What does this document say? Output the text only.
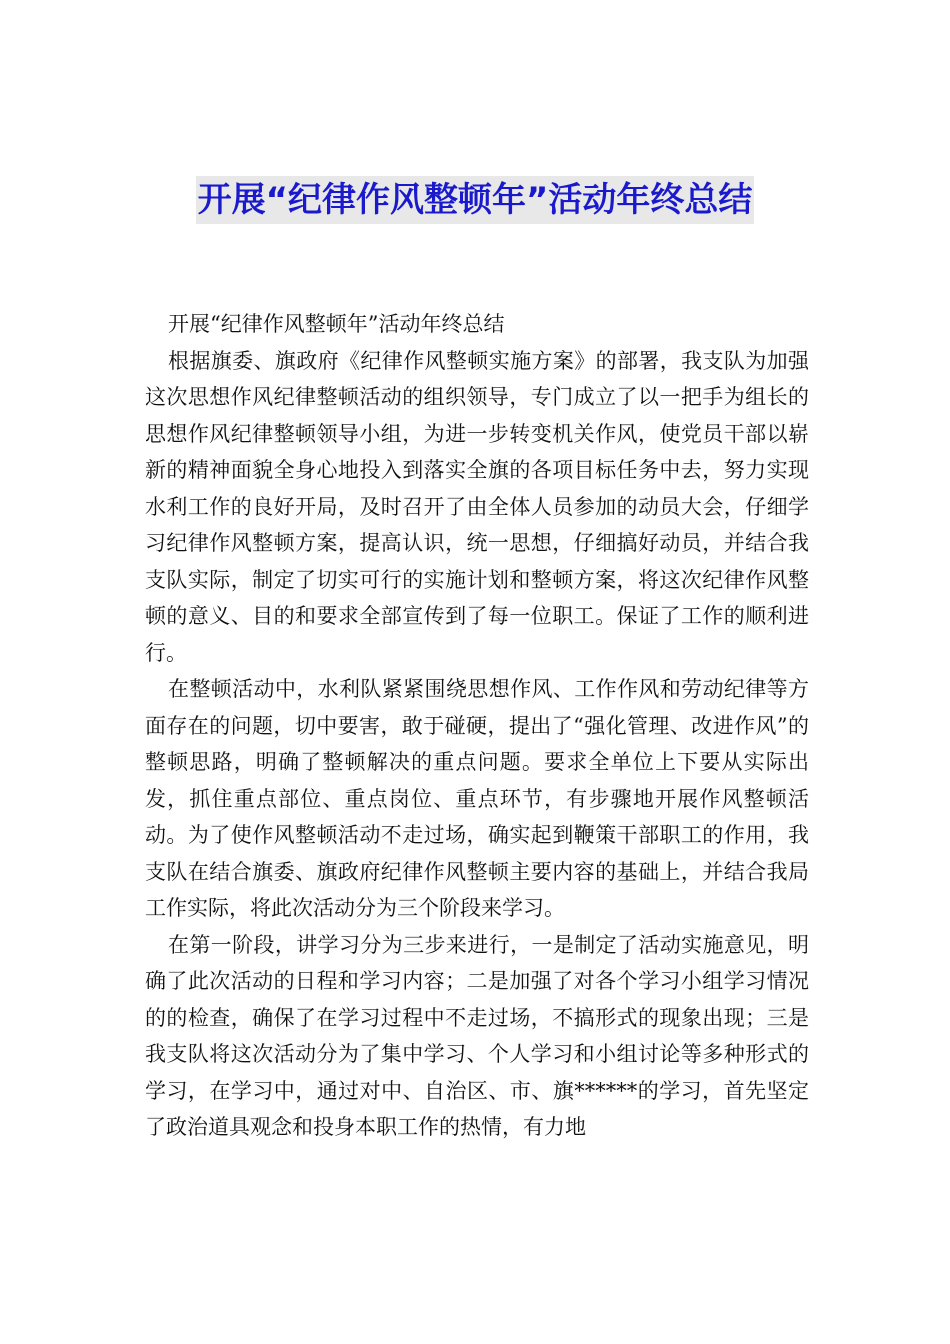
开展“纪律作风整顿年”活动年终总结

开展“纪律作风整顿年”活动年终总结

根据旗委、旗政府《纪律作风整顿实施方案》的部署，我支队为加强这次思想作风纪律整顿活动的组织领导，专门成立了以一把手为组长的思想作风纪律整顿领导小组，为进一步转变机关作风，使党员干部以崭新的精神面貌全身心地投入到落实全旗的各项目标任务中去，努力实现水利工作的良好开局，及时召开了由全体人员参加的动员大会，仔细学习纪律作风整顿方案，提高认识，统一思想，仔细搞好动员，并结合我支队实际，制定了切实可行的实施计划和整顿方案，将这次纪律作风整顿的意义、目的和要求全部宣传到了每一位职工。保证了工作的顺利进行。

在整顿活动中，水利队紧紧围绕思想作风、工作作风和劳动纪律等方面存在的问题，切中要害，敢于碰硬，提出了“强化管理、改进作风”的整顿思路，明确了整顿解决的重点问题。要求全单位上下要从实际出发，抓住重点部位、重点岗位、重点环节，有步骤地开展作风整顿活动。为了使作风整顿活动不走过场，确实起到鞭策干部职工的作用，我支队在结合旗委、旗政府纪律作风整顿主要内容的基础上，并结合我局工作实际，将此次活动分为三个阶段来学习。

在第一阶段，讲学习分为三步来进行，一是制定了活动实施意见，明确了此次活动的日程和学习内容；二是加强了对各个学习小组学习情况的的检查，确保了在学习过程中不走过场，不搞形式的现象出现；三是我支队将这次活动分为了集中学习、个人学习和小组讨论等多种形式的学习，在学习中，通过对中、自治区、市、旗******的学习，首先坚定了政治道具观念和投身本职工作的热情，有力地
